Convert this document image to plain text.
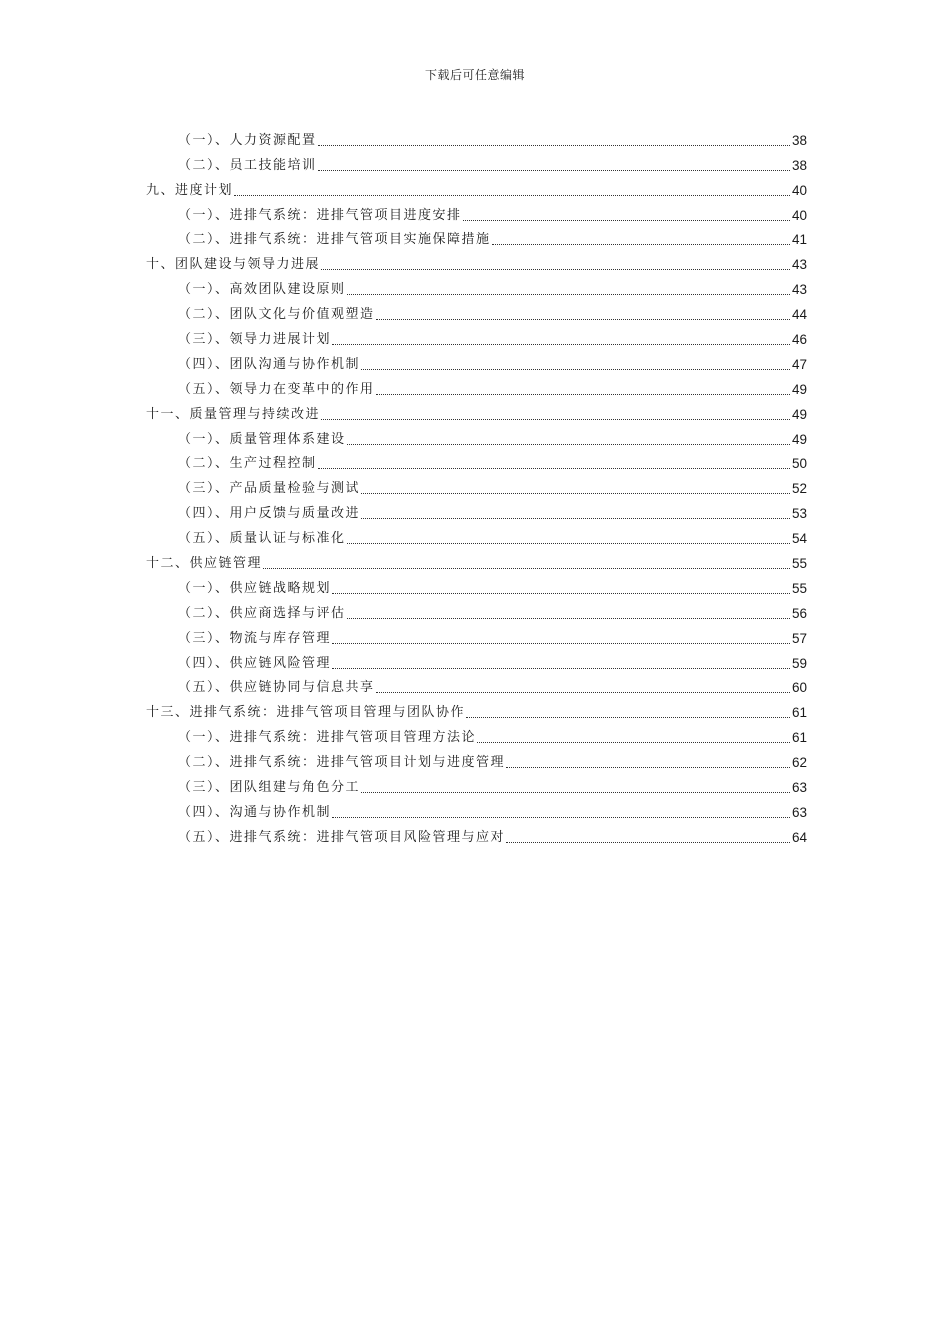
下载后可任意编辑
（一）、人力资源配置	38
（二）、员工技能培训	38
九、进度计划	40
（一）、进排气系统：进排气管项目进度安排	40
（二）、进排气系统：进排气管项目实施保障措施	41
十、团队建设与领导力进展	43
（一）、高效团队建设原则	43
（二）、团队文化与价值观塑造	44
（三）、领导力进展计划	46
（四）、团队沟通与协作机制	47
（五）、领导力在变革中的作用	49
十一、质量管理与持续改进	49
（一）、质量管理体系建设	49
（二）、生产过程控制	50
（三）、产品质量检验与测试	52
（四）、用户反馈与质量改进	53
（五）、质量认证与标准化	54
十二、供应链管理	55
（一）、供应链战略规划	55
（二）、供应商选择与评估	56
（三）、物流与库存管理	57
（四）、供应链风险管理	59
（五）、供应链协同与信息共享	60
十三、进排气系统：进排气管项目管理与团队协作	61
（一）、进排气系统：进排气管项目管理方法论	61
（二）、进排气系统：进排气管项目计划与进度管理	62
（三）、团队组建与角色分工	63
（四）、沟通与协作机制	63
（五）、进排气系统：进排气管项目风险管理与应对	64
